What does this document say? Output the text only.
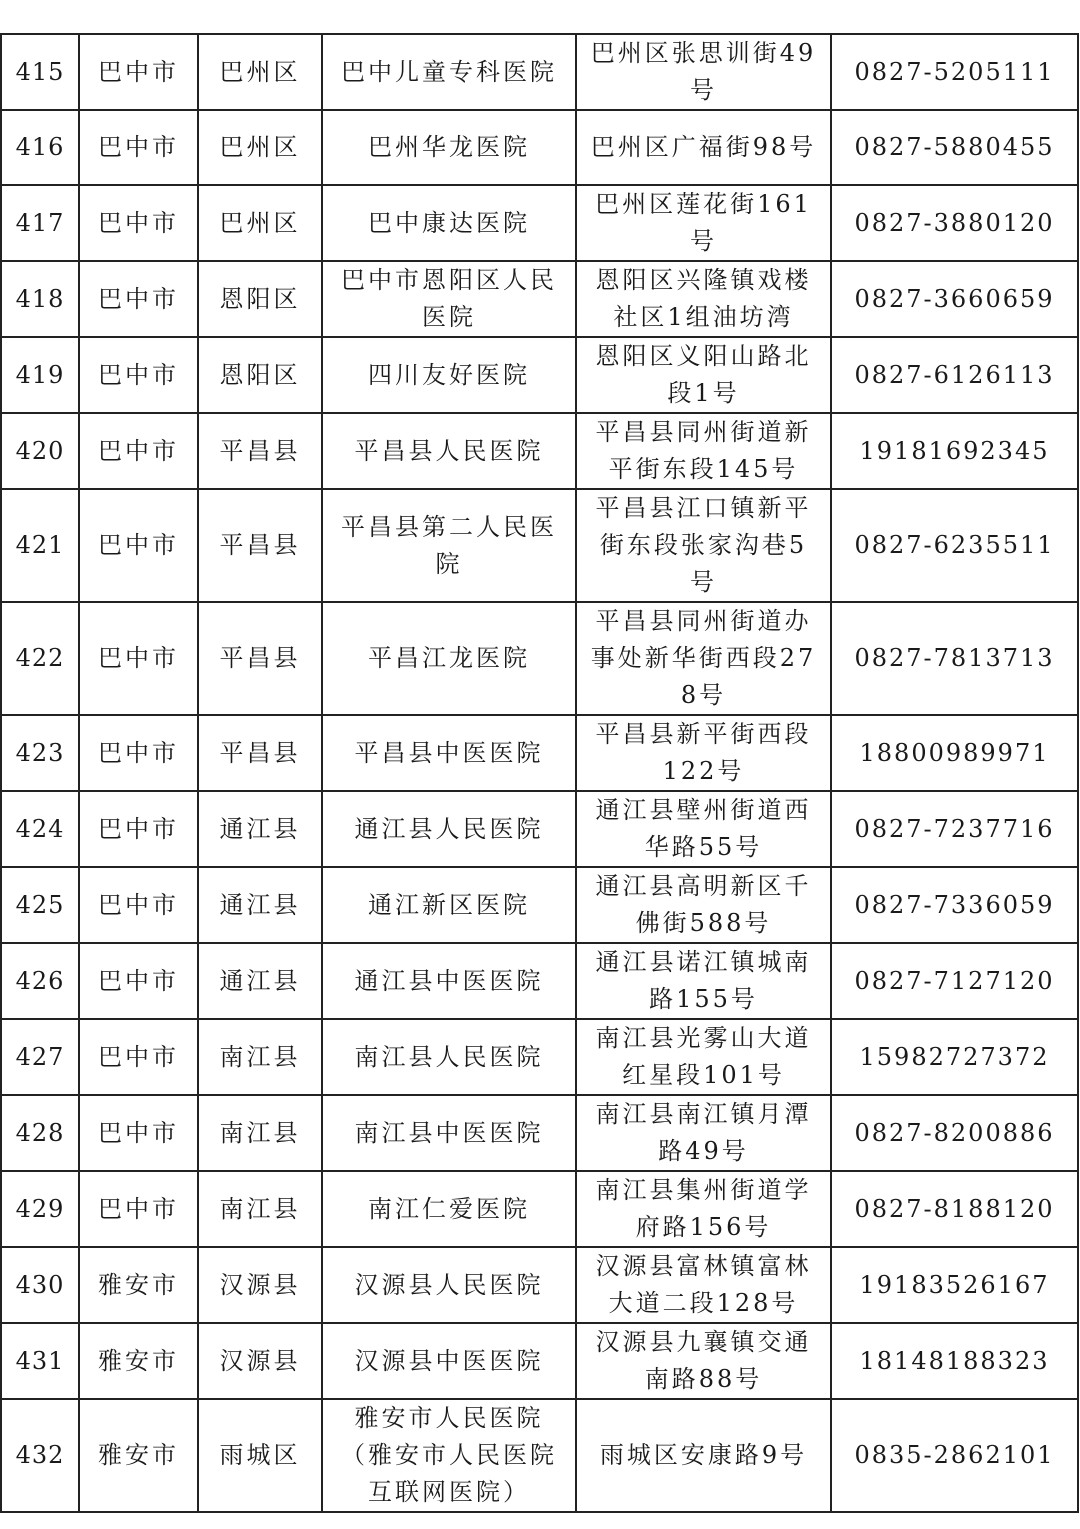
415	巴中市	巴州区	巴中儿童专科医院	巴州区张思训街49号	0827-5205111
416	巴中市	巴州区	巴州华龙医院	巴州区广福街98号	0827-5880455
417	巴中市	巴州区	巴中康达医院	巴州区莲花街161号	0827-3880120
418	巴中市	恩阳区	巴中市恩阳区人民医院	恩阳区兴隆镇戏楼社区1组油坊湾	0827-3660659
419	巴中市	恩阳区	四川友好医院	恩阳区义阳山路北段1号	0827-6126113
420	巴中市	平昌县	平昌县人民医院	平昌县同州街道新平街东段145号	19181692345
421	巴中市	平昌县	平昌县第二人民医院	平昌县江口镇新平街东段张家沟巷5号	0827-6235511
422	巴中市	平昌县	平昌江龙医院	平昌县同州街道办事处新华街西段278号	0827-7813713
423	巴中市	平昌县	平昌县中医医院	平昌县新平街西段122号	18800989971
424	巴中市	通江县	通江县人民医院	通江县壁州街道西华路55号	0827-7237716
425	巴中市	通江县	通江新区医院	通江县高明新区千佛街588号	0827-7336059
426	巴中市	通江县	通江县中医医院	通江县诺江镇城南路155号	0827-7127120
427	巴中市	南江县	南江县人民医院	南江县光雾山大道红星段101号	15982727372
428	巴中市	南江县	南江县中医医院	南江县南江镇月潭路49号	0827-8200886
429	巴中市	南江县	南江仁爱医院	南江县集州街道学府路156号	0827-8188120
430	雅安市	汉源县	汉源县人民医院	汉源县富林镇富林大道二段128号	19183526167
431	雅安市	汉源县	汉源县中医医院	汉源县九襄镇交通南路88号	18148188323
432	雅安市	雨城区	雅安市人民医院（雅安市人民医院互联网医院）	雨城区安康路9号	0835-2862101
